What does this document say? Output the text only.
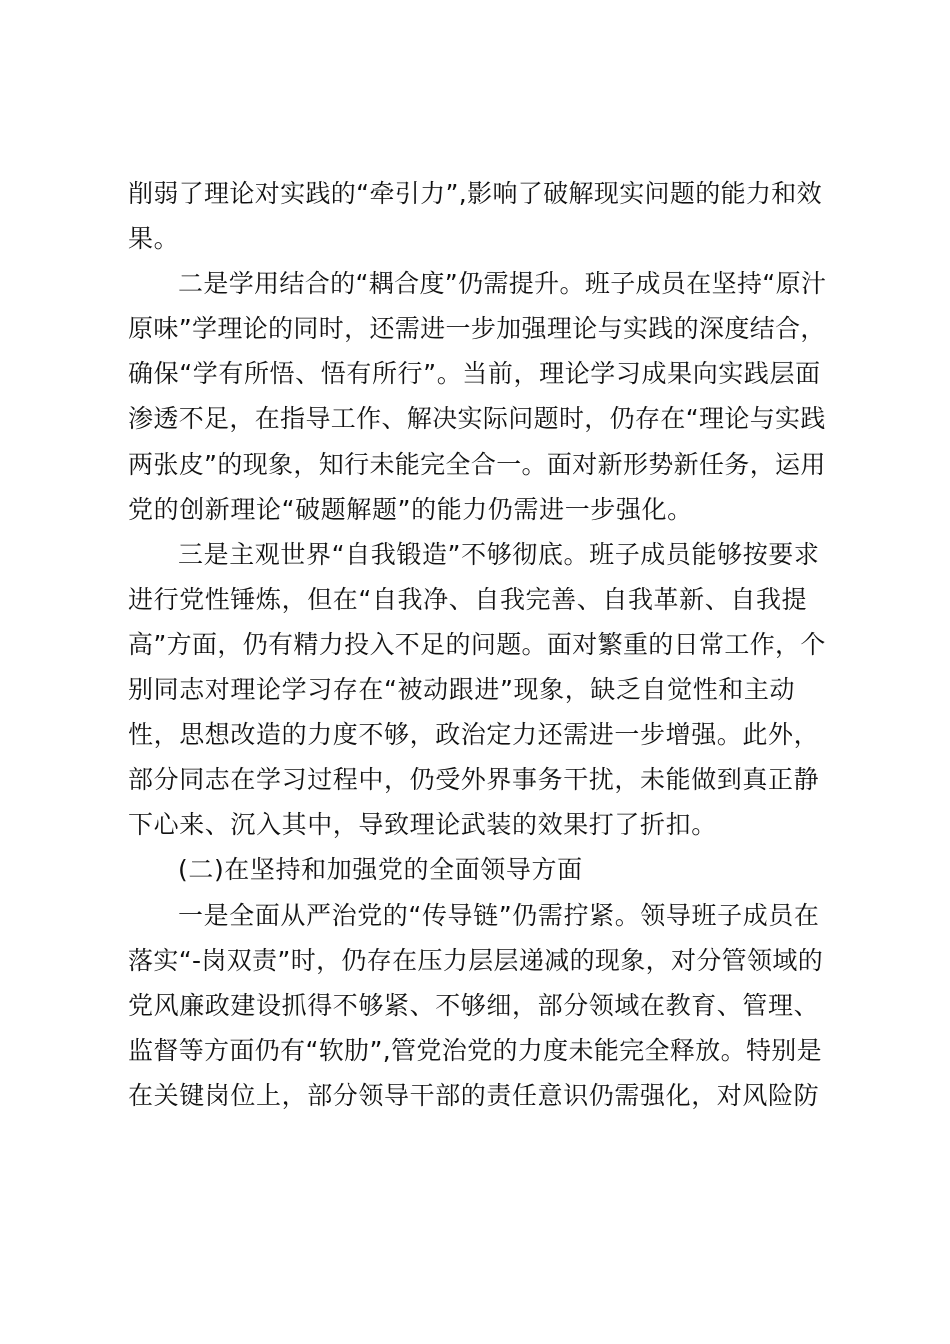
削弱了理论对实践的“牵引力”,影响了破解现实问题的能力和效
果。
二是学用结合的“耦合度”仍需提升。班子成员在坚持“原汁
原味”学理论的同时，还需进一步加强理论与实践的深度结合，
确保“学有所悟、悟有所行”。当前，理论学习成果向实践层面
渗透不足，在指导工作、解决实际问题时，仍存在“理论与实践
两张皮”的现象，知行未能完全合一。面对新形势新任务，运用
党的创新理论“破题解题”的能力仍需进一步强化。
三是主观世界“自我锻造”不够彻底。班子成员能够按要求
进行党性锤炼，但在“自我净、自我完善、自我革新、自我提
高”方面，仍有精力投入不足的问题。面对繁重的日常工作，个
别同志对理论学习存在“被动跟进”现象，缺乏自觉性和主动
性，思想改造的力度不够，政治定力还需进一步增强。此外，
部分同志在学习过程中，仍受外界事务干扰，未能做到真正静
下心来、沉入其中，导致理论武装的效果打了折扣。
(二)在坚持和加强党的全面领导方面
一是全面从严治党的“传导链”仍需拧紧。领导班子成员在
落实“-岗双责”时，仍存在压力层层递减的现象，对分管领域的
党风廉政建设抓得不够紧、不够细，部分领域在教育、管理、
监督等方面仍有“软肋”,管党治党的力度未能完全释放。特别是
在关键岗位上，部分领导干部的责任意识仍需强化，对风险防
